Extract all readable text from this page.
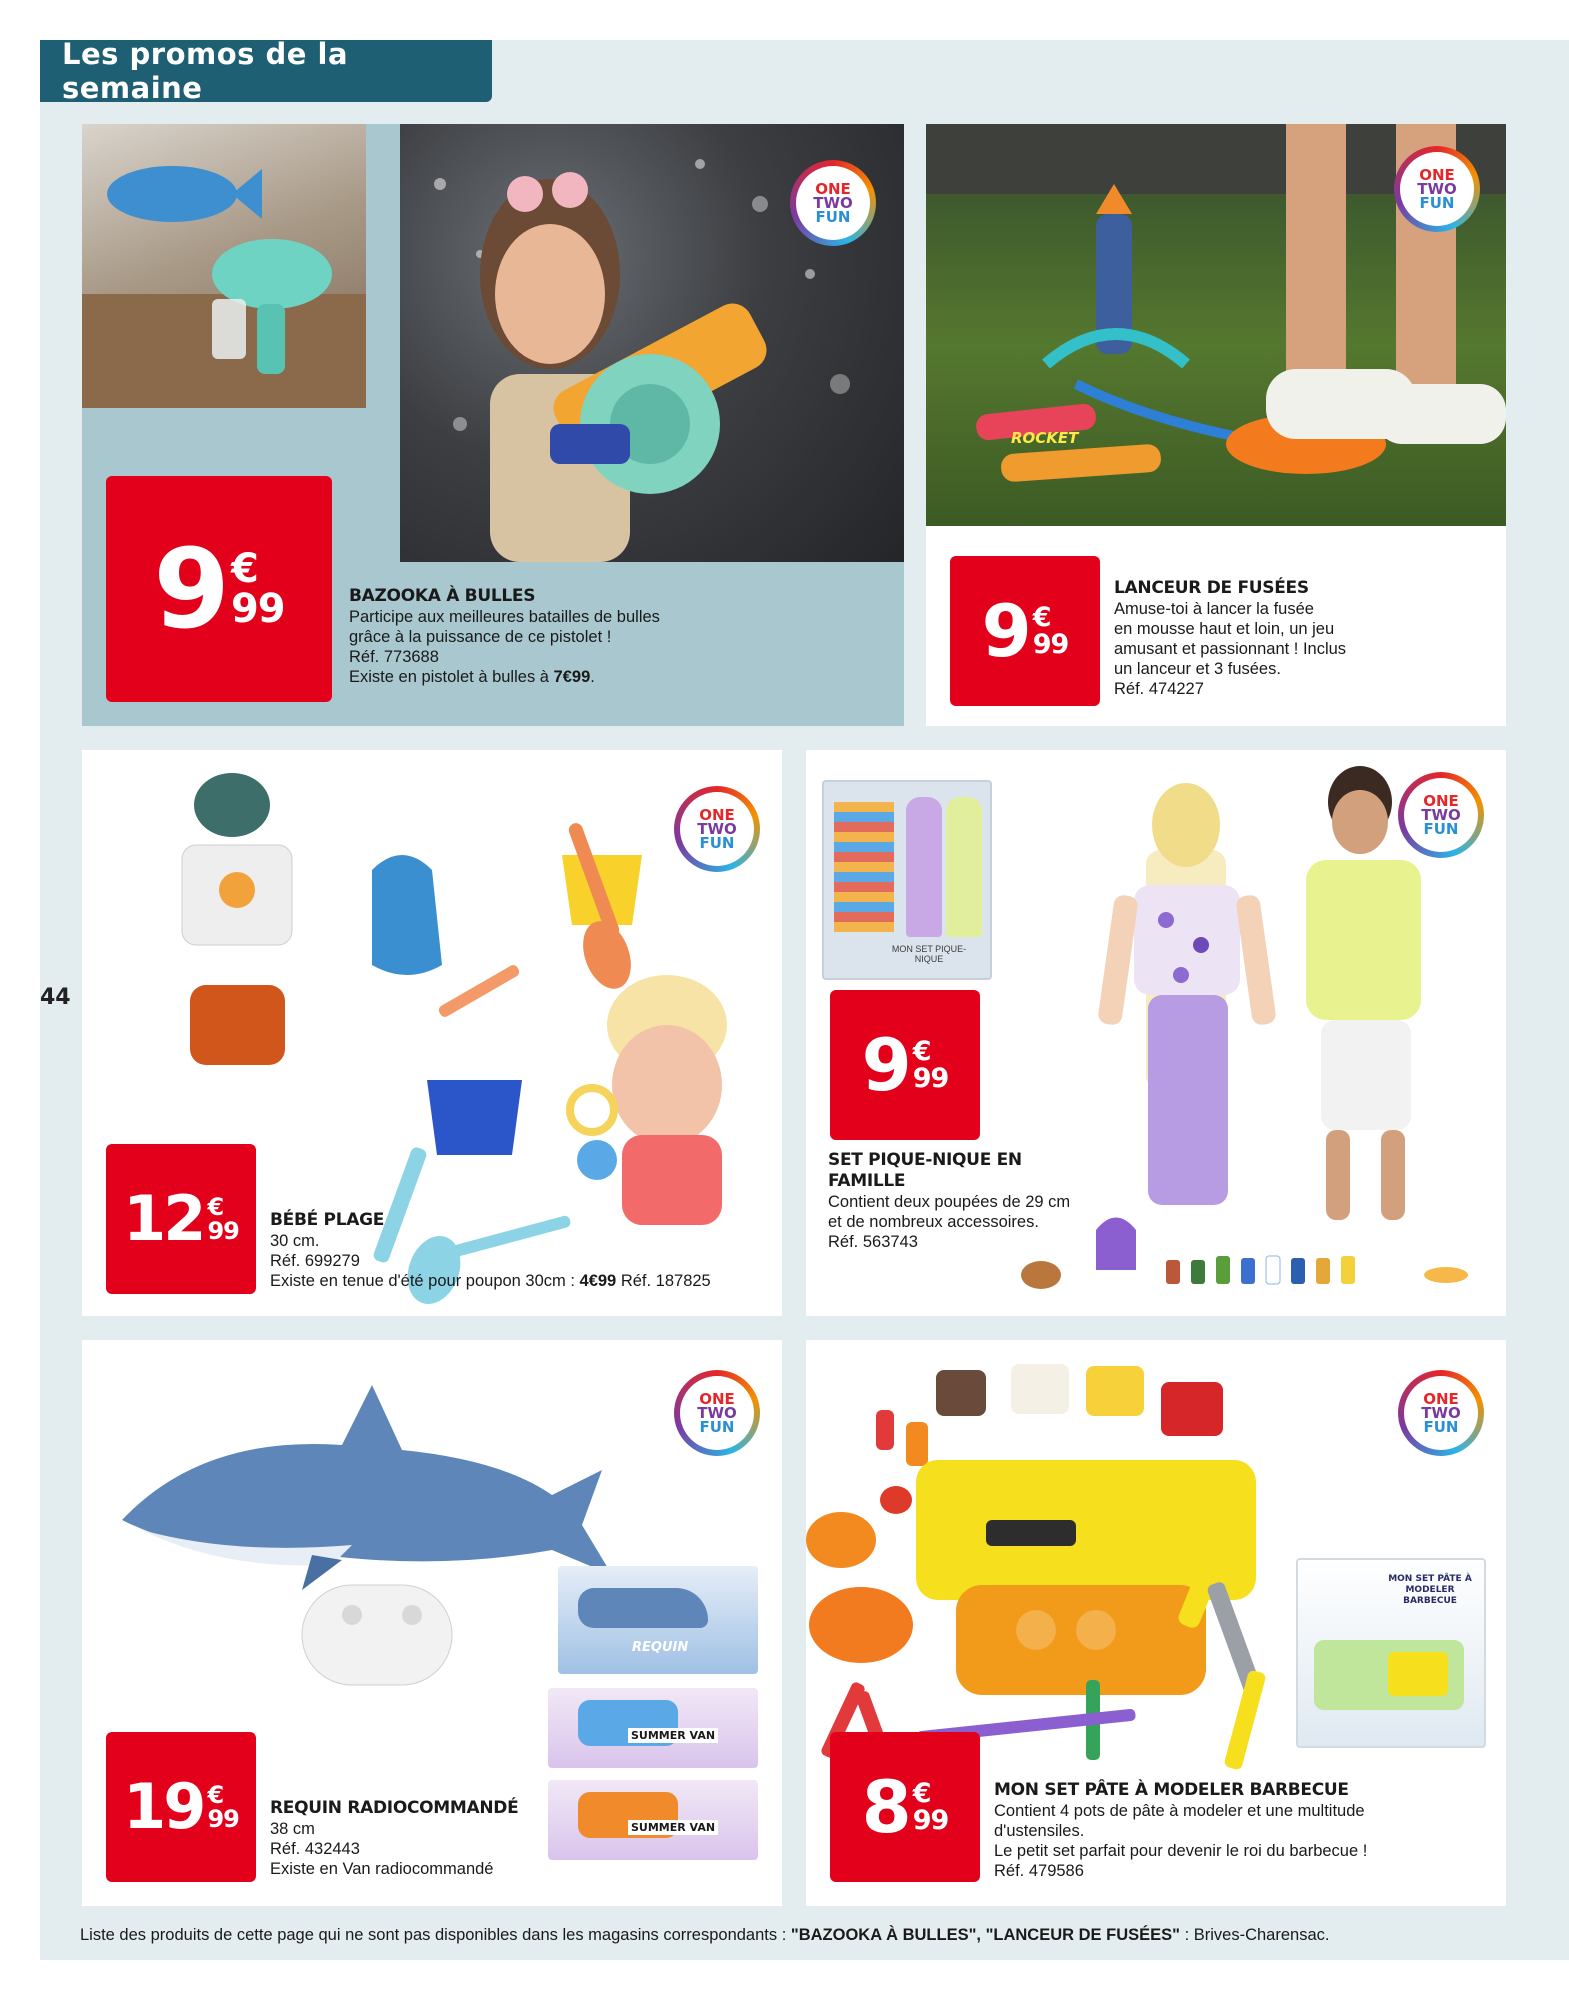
Les promos de la semaine
44
ONE
TWO
FUN
9 €
99	BAZOOKA À BULLES
Participe aux meilleures batailles de bulles
grâce à la puissance de ce pistolet !
Réf. 773688
Existe en pistolet à bulles à 7€99.
ROCKET
ONE
TWO
FUN
9 €
99
LANCEUR DE FUSÉES
Amuse-toi à lancer la fusée
en mousse haut et loin, un jeu
amusant et passionnant ! Inclus
un lanceur et 3 fusées.
Réf. 474227
ONE
TWO
FUN
12 €
99 BÉBÉ PLAGE
30 cm.
Réf. 699279
Existe en tenue d'été pour poupon 30cm : 4€99 Réf. 187825
MON SET PIQUE-NIQUE
ONE
TWO
FUN
9 €
99
SET PIQUE-NIQUE EN
FAMILLE
Contient deux poupées de 29 cm
et de nombreux accessoires.
Réf. 563743
REQUIN
SUMMER VAN
SUMMER VAN
ONE
TWO
FUN
19 €
99 REQUIN RADIOCOMMANDÉ
38 cm
Réf. 432443
Existe en Van radiocommandé
MON SET PÂTE À MODELER BARBECUE
ONE
TWO
FUN
8 €
99
MON SET PÂTE À MODELER BARBECUE
Contient 4 pots de pâte à modeler et une multitude
d'ustensiles.
Le petit set parfait pour devenir le roi du barbecue !
Réf. 479586
Liste des produits de cette page qui ne sont pas disponibles dans les magasins correspondants : "BAZOOKA À BULLES", "LANCEUR DE FUSÉES" : Brives-Charensac.
